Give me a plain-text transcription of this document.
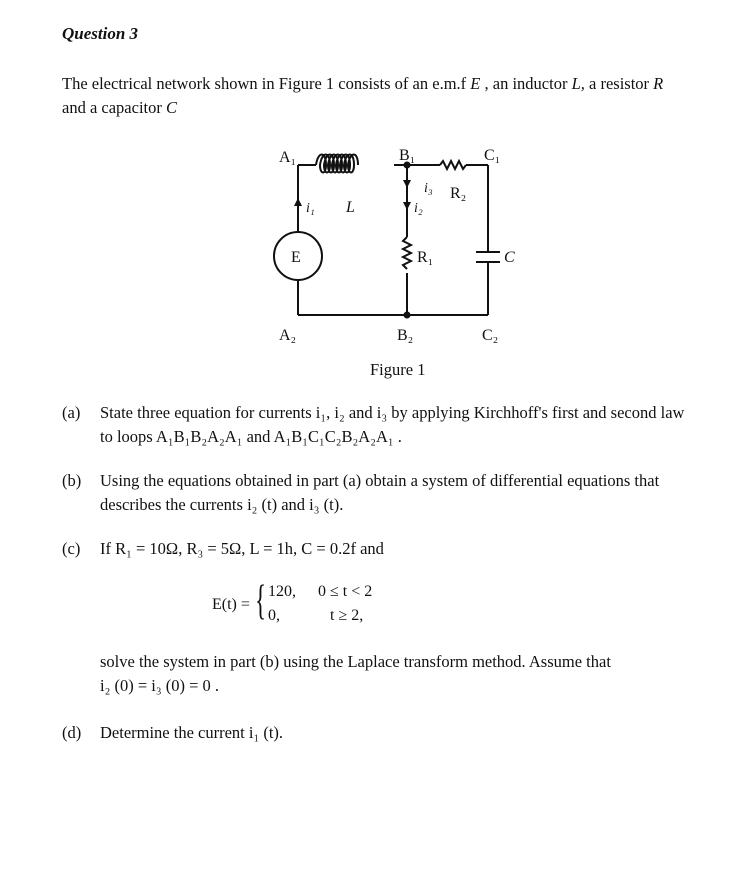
Question 3
The electrical network shown in Figure 1 consists of an e.m.f E , an inductor L, a resistor R
and a capacitor C
A₁
A₂
B₁
B₂
C₁
C₂
E
L
R₁
R₂
C
i₁	i₂
i₃
Figure 1
(a)	State three equation for currents i₁, i₂ and i₃ by applying Kirchhoff's first and second law
to loops A₁B₁B₂A₂A₁ and A₁B₁C₁C₂B₂A₂A₁ .
(b)	Using the equations obtained in part (a) obtain a system of differential equations that
describes the currents i₂ (t) and i₃ (t).
(c)	If R₁ = 10Ω, R₃ = 5Ω, L = 1h, C = 0.2f and
E(t) = { 120, 0 ≤ t < 2
0,	t ≥ 2,
solve the system in part (b) using the Laplace transform method. Assume that
i₂ (0) = i₃ (0) = 0 .
(d)	Determine the current i₁ (t).
